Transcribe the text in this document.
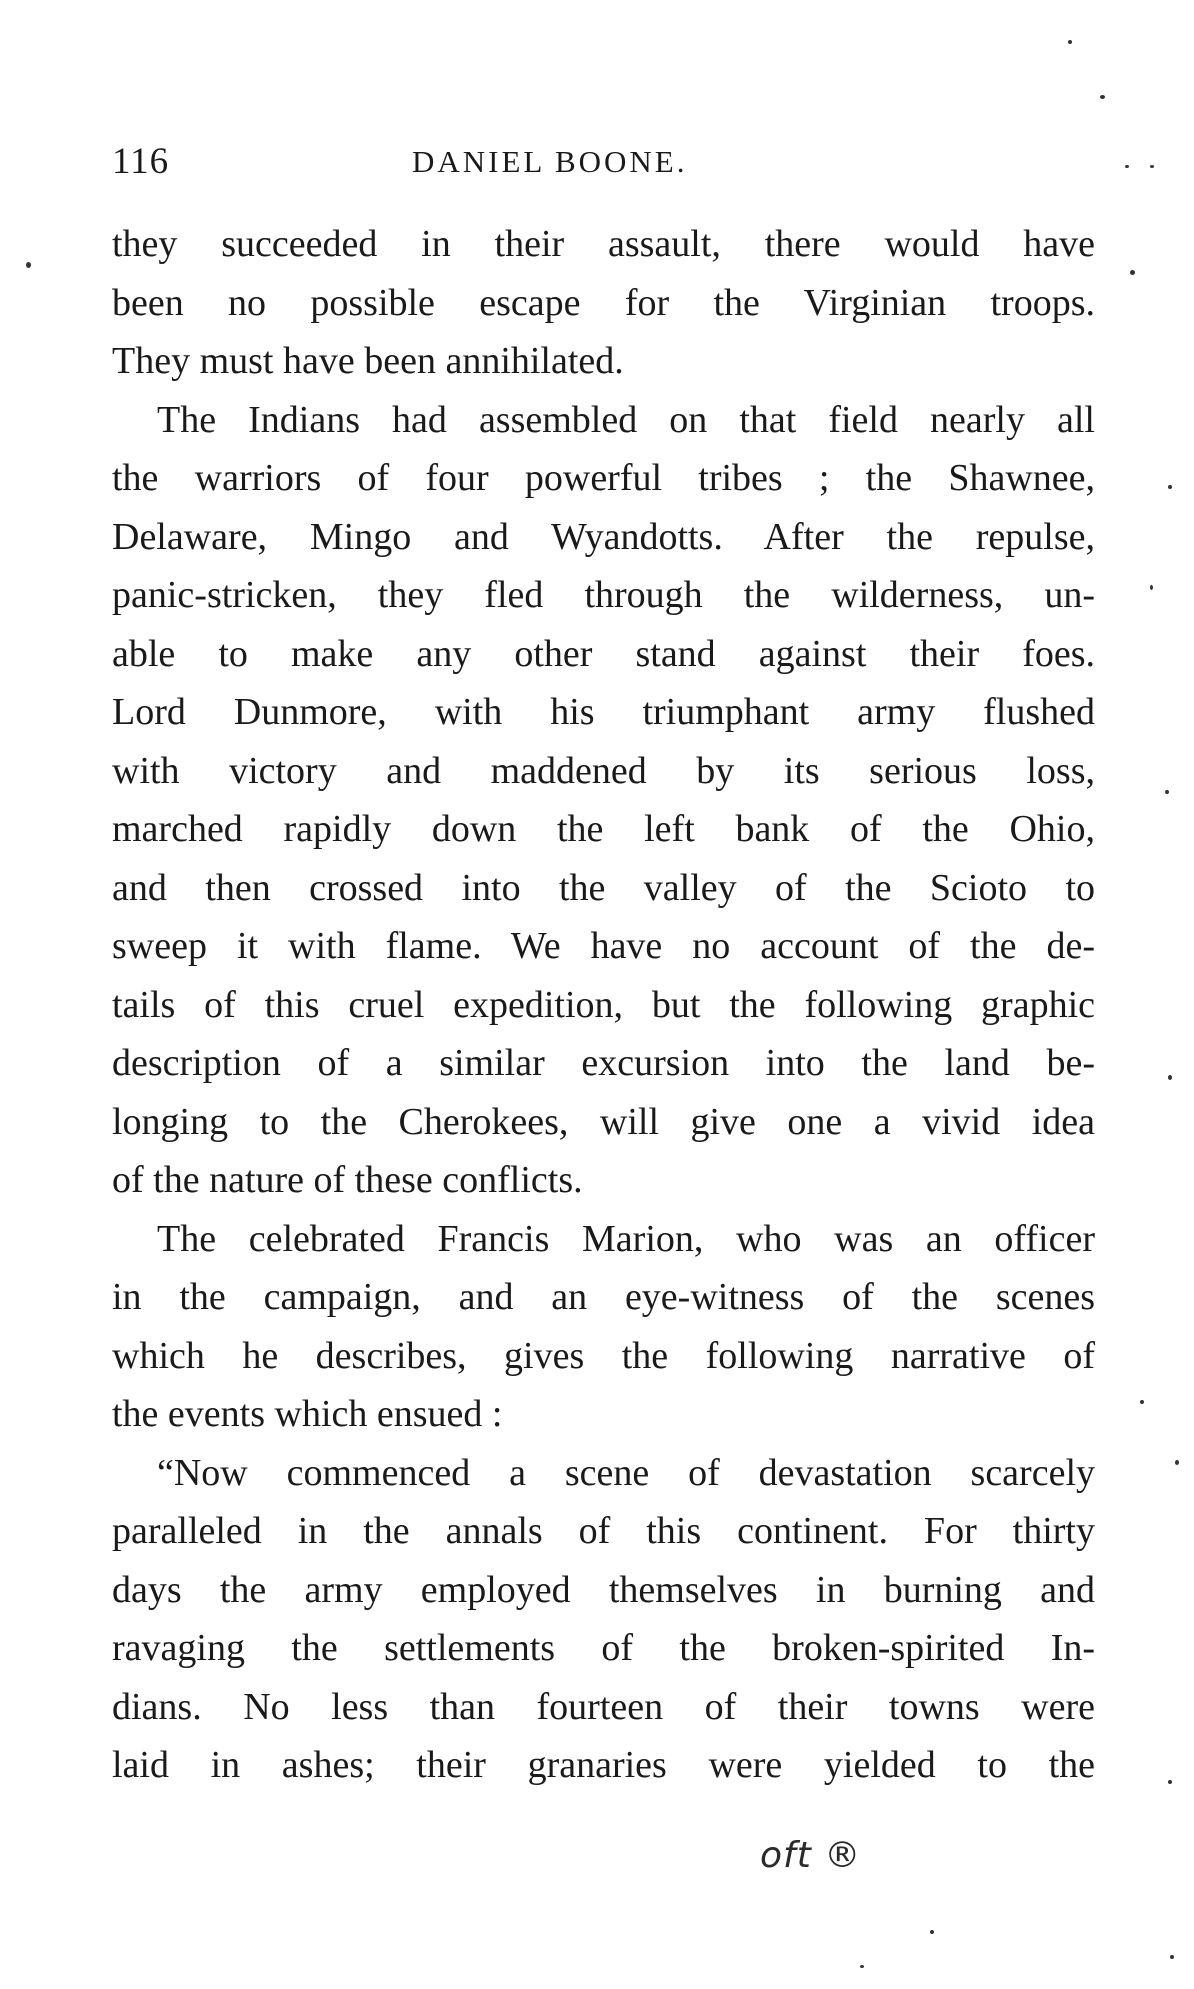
116	DANIEL BOONE.

they succeeded in their assault, there would have
been no possible escape for the Virginian troops.
They must have been annihilated.

The Indians had assembled on that field nearly all
the warriors of four powerful tribes ; the Shawnee,
Delaware, Mingo and Wyandotts. After the repulse,
panic-stricken, they fled through the wilderness, un-
able to make any other stand against their foes.
Lord Dunmore, with his triumphant army flushed
with victory and maddened by its serious loss,
marched rapidly down the left bank of the Ohio,
and then crossed into the valley of the Scioto to
sweep it with flame. We have no account of the de-
tails of this cruel expedition, but the following graphic
description of a similar excursion into the land be-
longing to the Cherokees, will give one a vivid idea
of the nature of these conflicts.

The celebrated Francis Marion, who was an officer
in the campaign, and an eye-witness of the scenes
which he describes, gives the following narrative of
the events which ensued :

“Now commenced a scene of devastation scarcely
paralleled in the annals of this continent. For thirty
days the army employed themselves in burning and
ravaging the settlements of the broken-spirited In-
dians. No less than fourteen of their towns were
laid in ashes; their granaries were yielded to the

oft ®
